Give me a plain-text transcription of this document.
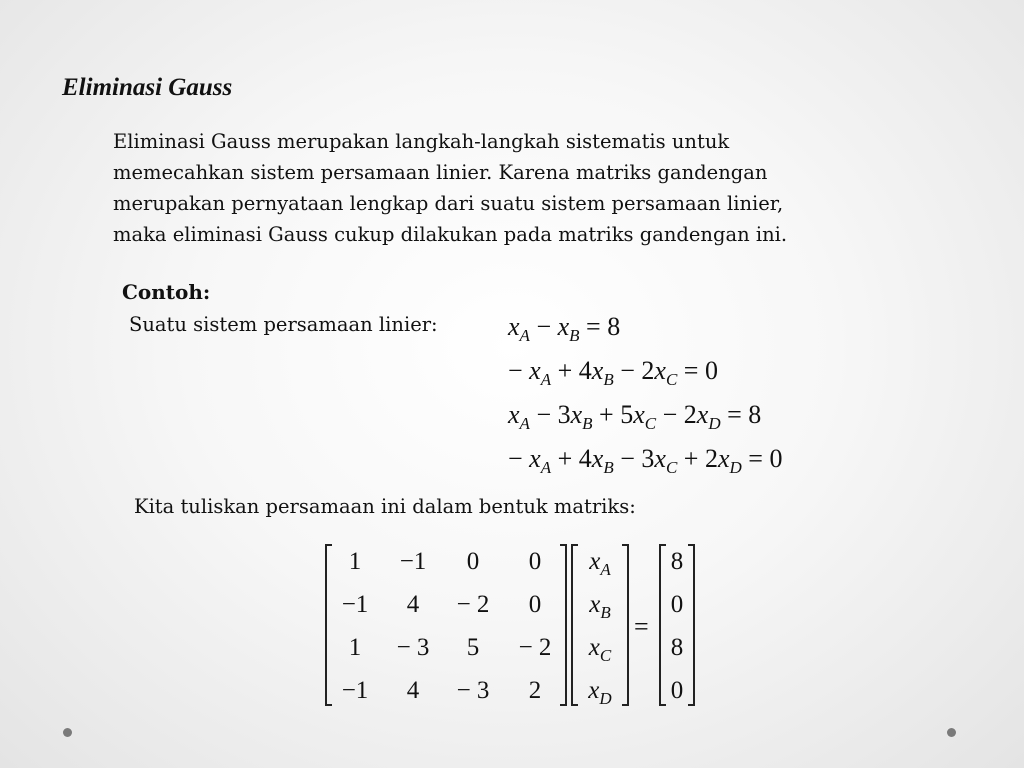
Eliminasi Gauss
Eliminasi Gauss merupakan langkah-langkah sistematis untuk
memecahkan sistem persamaan linier. Karena matriks gandengan
merupakan pernyataan lengkap dari suatu sistem persamaan linier,
maka eliminasi Gauss cukup dilakukan pada matriks gandengan ini.
Contoh:
Suatu sistem persamaan linier:	$x_A - x_B = 8$
− $x_A + 4x_B - 2x_C = 0$
$x_A - 3x_B + 5x_C - 2x_D = 8$
− $x_A + 4x_B - 3x_C + 2x_D = 0$
Kita tuliskan persamaan ini dalam bentuk matriks:
1	−1	0	0
−1	4	− 2	0
1	− 3	5	− 2
−1	4	− 3	2
$x_A$
$x_B$
$x_C$
$x_D$
=
8
0
8
0
